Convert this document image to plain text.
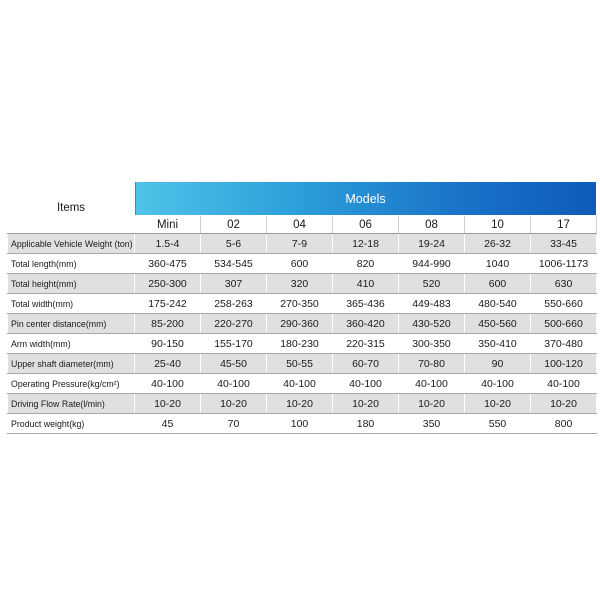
Items	Models						
	Mini	02	04	06	08	10	17
Applicable Vehicle Weight (ton)	1.5-4	5-6	7-9	12-18	19-24	26-32	33-45
Total length(mm)	360-475	534-545	600	820	944-990	1040	1006-1173
Total height(mm)	250-300	307	320	410	520	600	630
Total width(mm)	175-242	258-263	270-350	365-436	449-483	480-540	550-660
Pin center distance(mm)	85-200	220-270	290-360	360-420	430-520	450-560	500-660
Arm width(mm)	90-150	155-170	180-230	220-315	300-350	350-410	370-480
Upper shaft diameter(mm)	25-40	45-50	50-55	60-70	70-80	90	100-120
Operating Pressure(kg/cm²)	40-100	40-100	40-100	40-100	40-100	40-100	40-100
Driving Flow Rate(l/min)	10-20	10-20	10-20	10-20	10-20	10-20	10-20
Product weight(kg)	45	70	100	180	350	550	800
